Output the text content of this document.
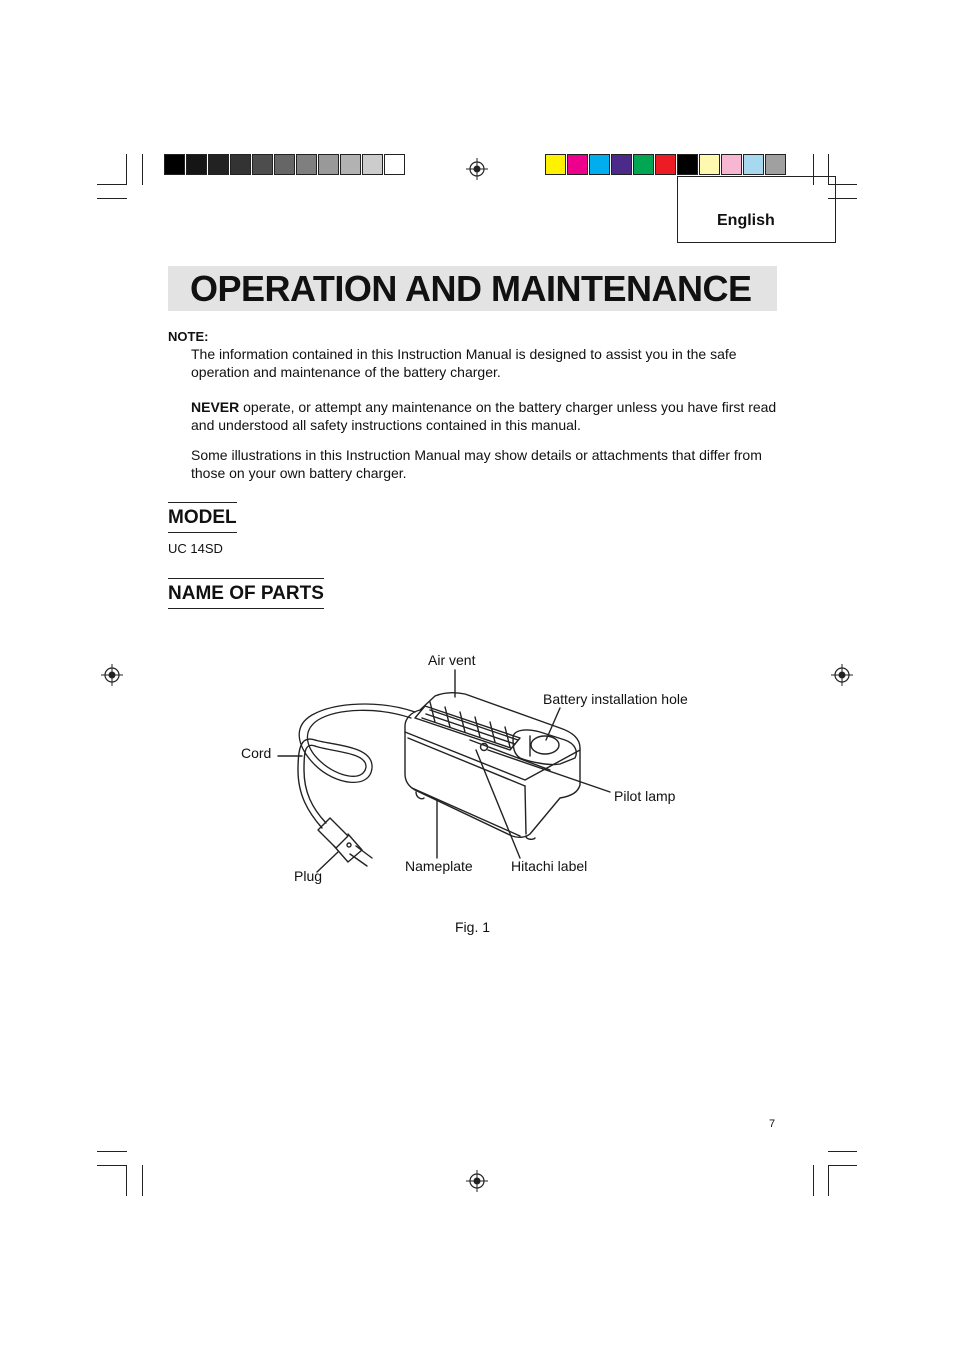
English
OPERATION AND MAINTENANCE
NOTE:
The information contained in this Instruction Manual is designed to assist you in the safe operation and maintenance of the battery charger.
NEVER operate, or attempt any maintenance on the battery charger unless you have first read and understood all safety instructions contained in this manual.
Some illustrations in this Instruction Manual may show details or attachments that differ from those on your own battery charger.
MODEL
UC 14SD
NAME OF PARTS
Air vent
Battery installation hole
Cord
Pilot lamp
Plug
Nameplate	Hitachi label
Fig. 1
7
